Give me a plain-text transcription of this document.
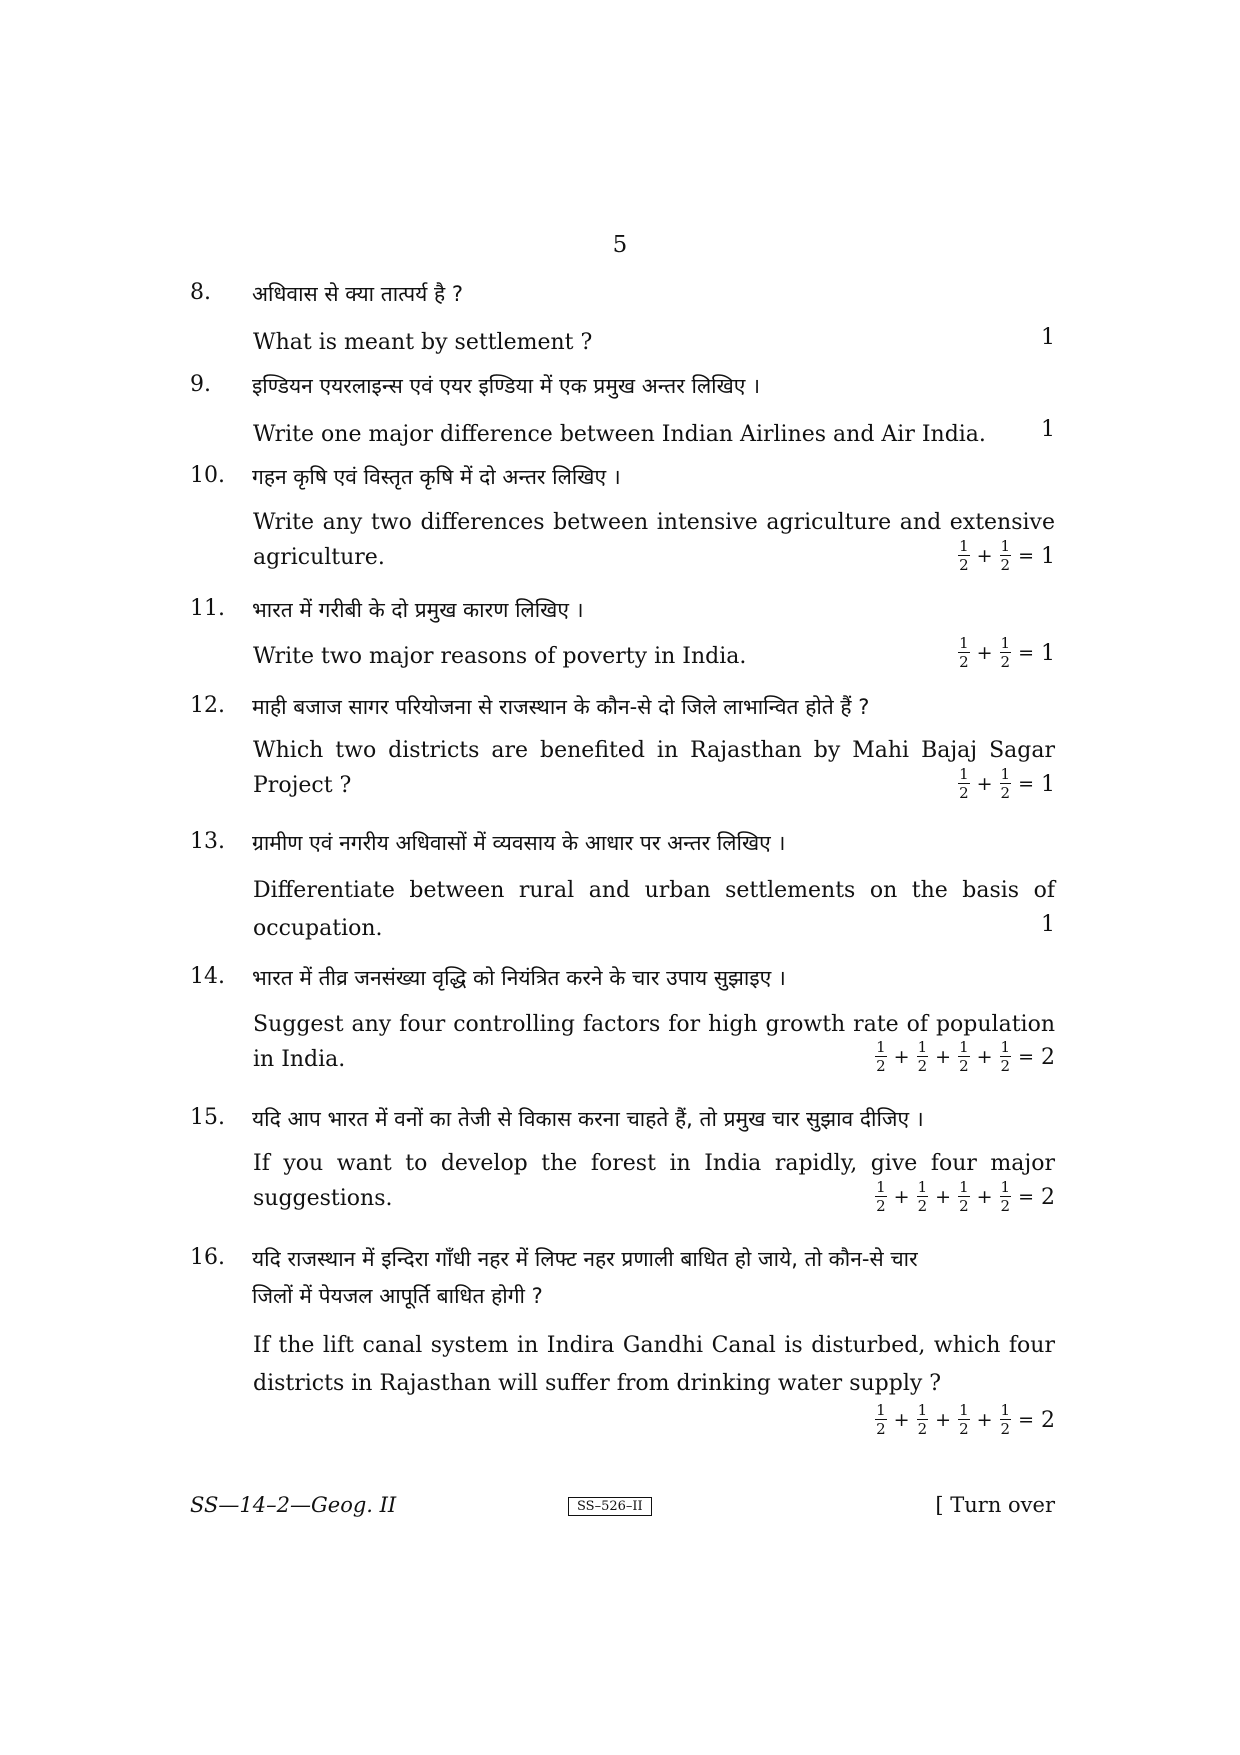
5
8. अधिवास से क्या तात्पर्य है ?
What is meant by settlement ?	1
9. इण्डियन एयरलाइन्स एवं एयर इण्डिया में एक प्रमुख अन्तर लिखिए ।
Write one major difference between Indian Airlines and Air India.	1
10. गहन कृषि एवं विस्तृत कृषि में दो अन्तर लिखिए ।
Write any two differences between intensive agriculture and extensive agriculture.	$\frac{1}{2} + \frac{1}{2} = 1$
11. भारत में गरीबी के दो प्रमुख कारण लिखिए ।
Write two major reasons of poverty in India.	$\frac{1}{2} + \frac{1}{2} = 1$
12. माही बजाज सागर परियोजना से राजस्थान के कौन-से दो जिले लाभान्वित होते हैं ?
Which two districts are benefited in Rajasthan by Mahi Bajaj Sagar Project ?	$\frac{1}{2} + \frac{1}{2} = 1$
13. ग्रामीण एवं नगरीय अधिवासों में व्यवसाय के आधार पर अन्तर लिखिए ।
Differentiate between rural and urban settlements on the basis of occupation.	1
14. भारत में तीव्र जनसंख्या वृद्धि को नियंत्रित करने के चार उपाय सुझाइए ।
Suggest any four controlling factors for high growth rate of population in India.	$\frac{1}{2} + \frac{1}{2} + \frac{1}{2} + \frac{1}{2} = 2$
15. यदि आप भारत में वनों का तेजी से विकास करना चाहते हैं, तो प्रमुख चार सुझाव दीजिए ।
If you want to develop the forest in India rapidly, give four major suggestions.	$\frac{1}{2} + \frac{1}{2} + \frac{1}{2} + \frac{1}{2} = 2$
16. यदि राजस्थान में इन्दिरा गाँधी नहर में लिफ्ट नहर प्रणाली बाधित हो जाये, तो कौन-से चार
जिलों में पेयजल आपूर्ति बाधित होगी ?
If the lift canal system in Indira Gandhi Canal is disturbed, which four districts in Rajasthan will suffer from drinking water supply ?
$\frac{1}{2} + \frac{1}{2} + \frac{1}{2} + \frac{1}{2} = 2$
SS—14–2—Geog. II	SS–526–II	[ Turn over
